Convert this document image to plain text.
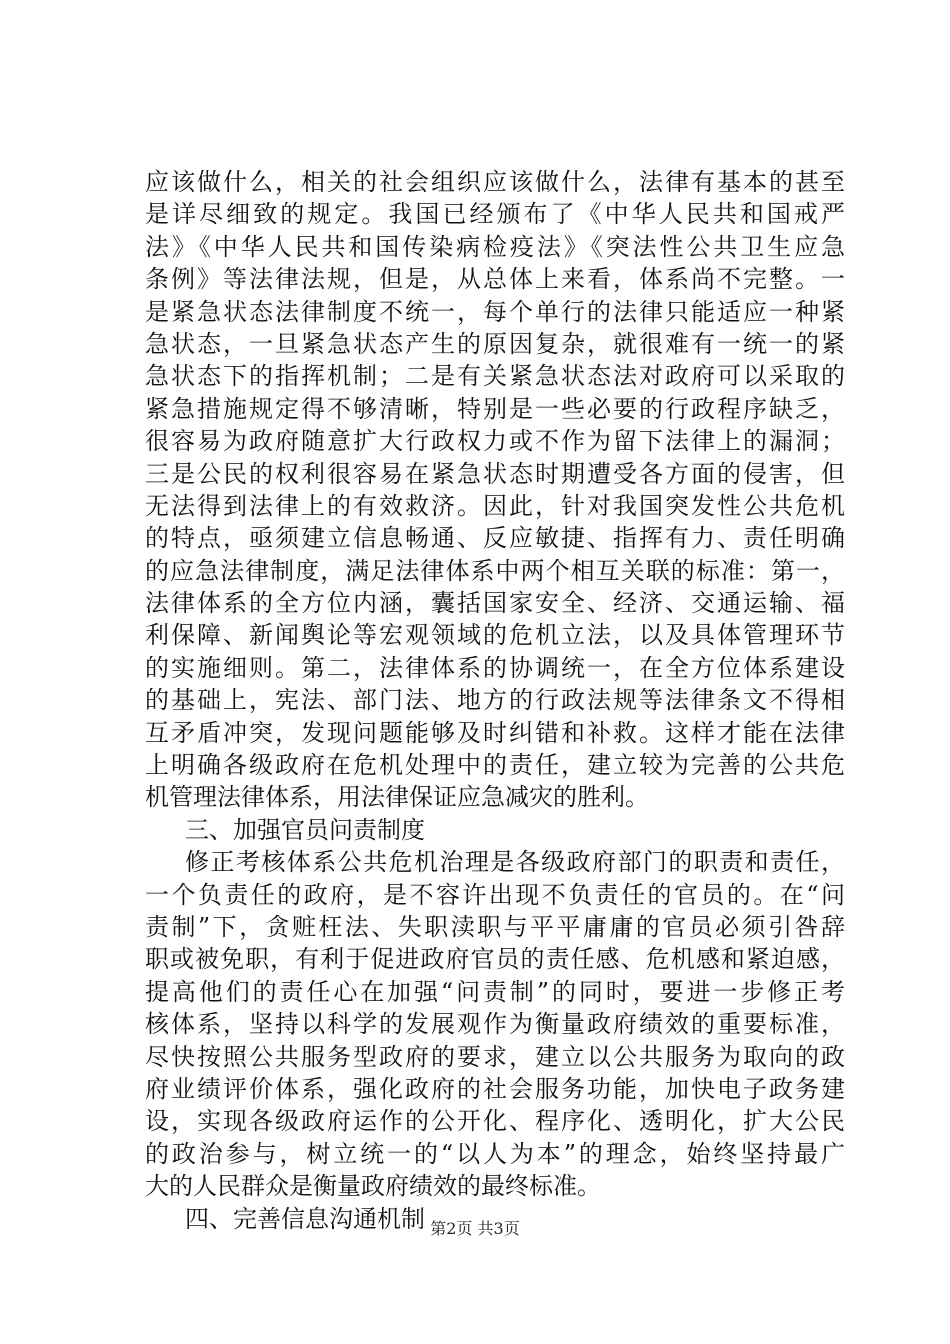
应该做什么，相关的社会组织应该做什么，法律有基本的甚至
是详尽细致的规定。我国已经颁布了《中华人民共和国戒严
法》《中华人民共和国传染病检疫法》《突法性公共卫生应急
条例》等法律法规，但是，从总体上来看，体系尚不完整。一
是紧急状态法律制度不统一，每个单行的法律只能适应一种紧
急状态，一旦紧急状态产生的原因复杂，就很难有一统一的紧
急状态下的指挥机制；二是有关紧急状态法对政府可以采取的
紧急措施规定得不够清晰，特别是一些必要的行政程序缺乏，
很容易为政府随意扩大行政权力或不作为留下法律上的漏洞；
三是公民的权利很容易在紧急状态时期遭受各方面的侵害，但
无法得到法律上的有效救济。因此，针对我国突发性公共危机
的特点，亟须建立信息畅通、反应敏捷、指挥有力、责任明确
的应急法律制度，满足法律体系中两个相互关联的标准：第一，
法律体系的全方位内涵，囊括国家安全、经济、交通运输、福
利保障、新闻舆论等宏观领域的危机立法，以及具体管理环节
的实施细则。第二，法律体系的协调统一，在全方位体系建设
的基础上，宪法、部门法、地方的行政法规等法律条文不得相
互矛盾冲突，发现问题能够及时纠错和补救。这样才能在法律
上明确各级政府在危机处理中的责任，建立较为完善的公共危
机管理法律体系，用法律保证应急减灾的胜利。
三、加强官员问责制度
修正考核体系公共危机治理是各级政府部门的职责和责任，
一个负责任的政府，是不容许出现不负责任的官员的。在“问
责制”下，贪赃枉法、失职渎职与平平庸庸的官员必须引咎辞
职或被免职，有利于促进政府官员的责任感、危机感和紧迫感，
提高他们的责任心在加强“问责制”的同时，要进一步修正考
核体系，坚持以科学的发展观作为衡量政府绩效的重要标准，
尽快按照公共服务型政府的要求，建立以公共服务为取向的政
府业绩评价体系，强化政府的社会服务功能，加快电子政务建
设，实现各级政府运作的公开化、程序化、透明化，扩大公民
的政治参与，树立统一的“以人为本”的理念，始终坚持最广
大的人民群众是衡量政府绩效的最终标准。
四、完善信息沟通机制 第2页 共3页
